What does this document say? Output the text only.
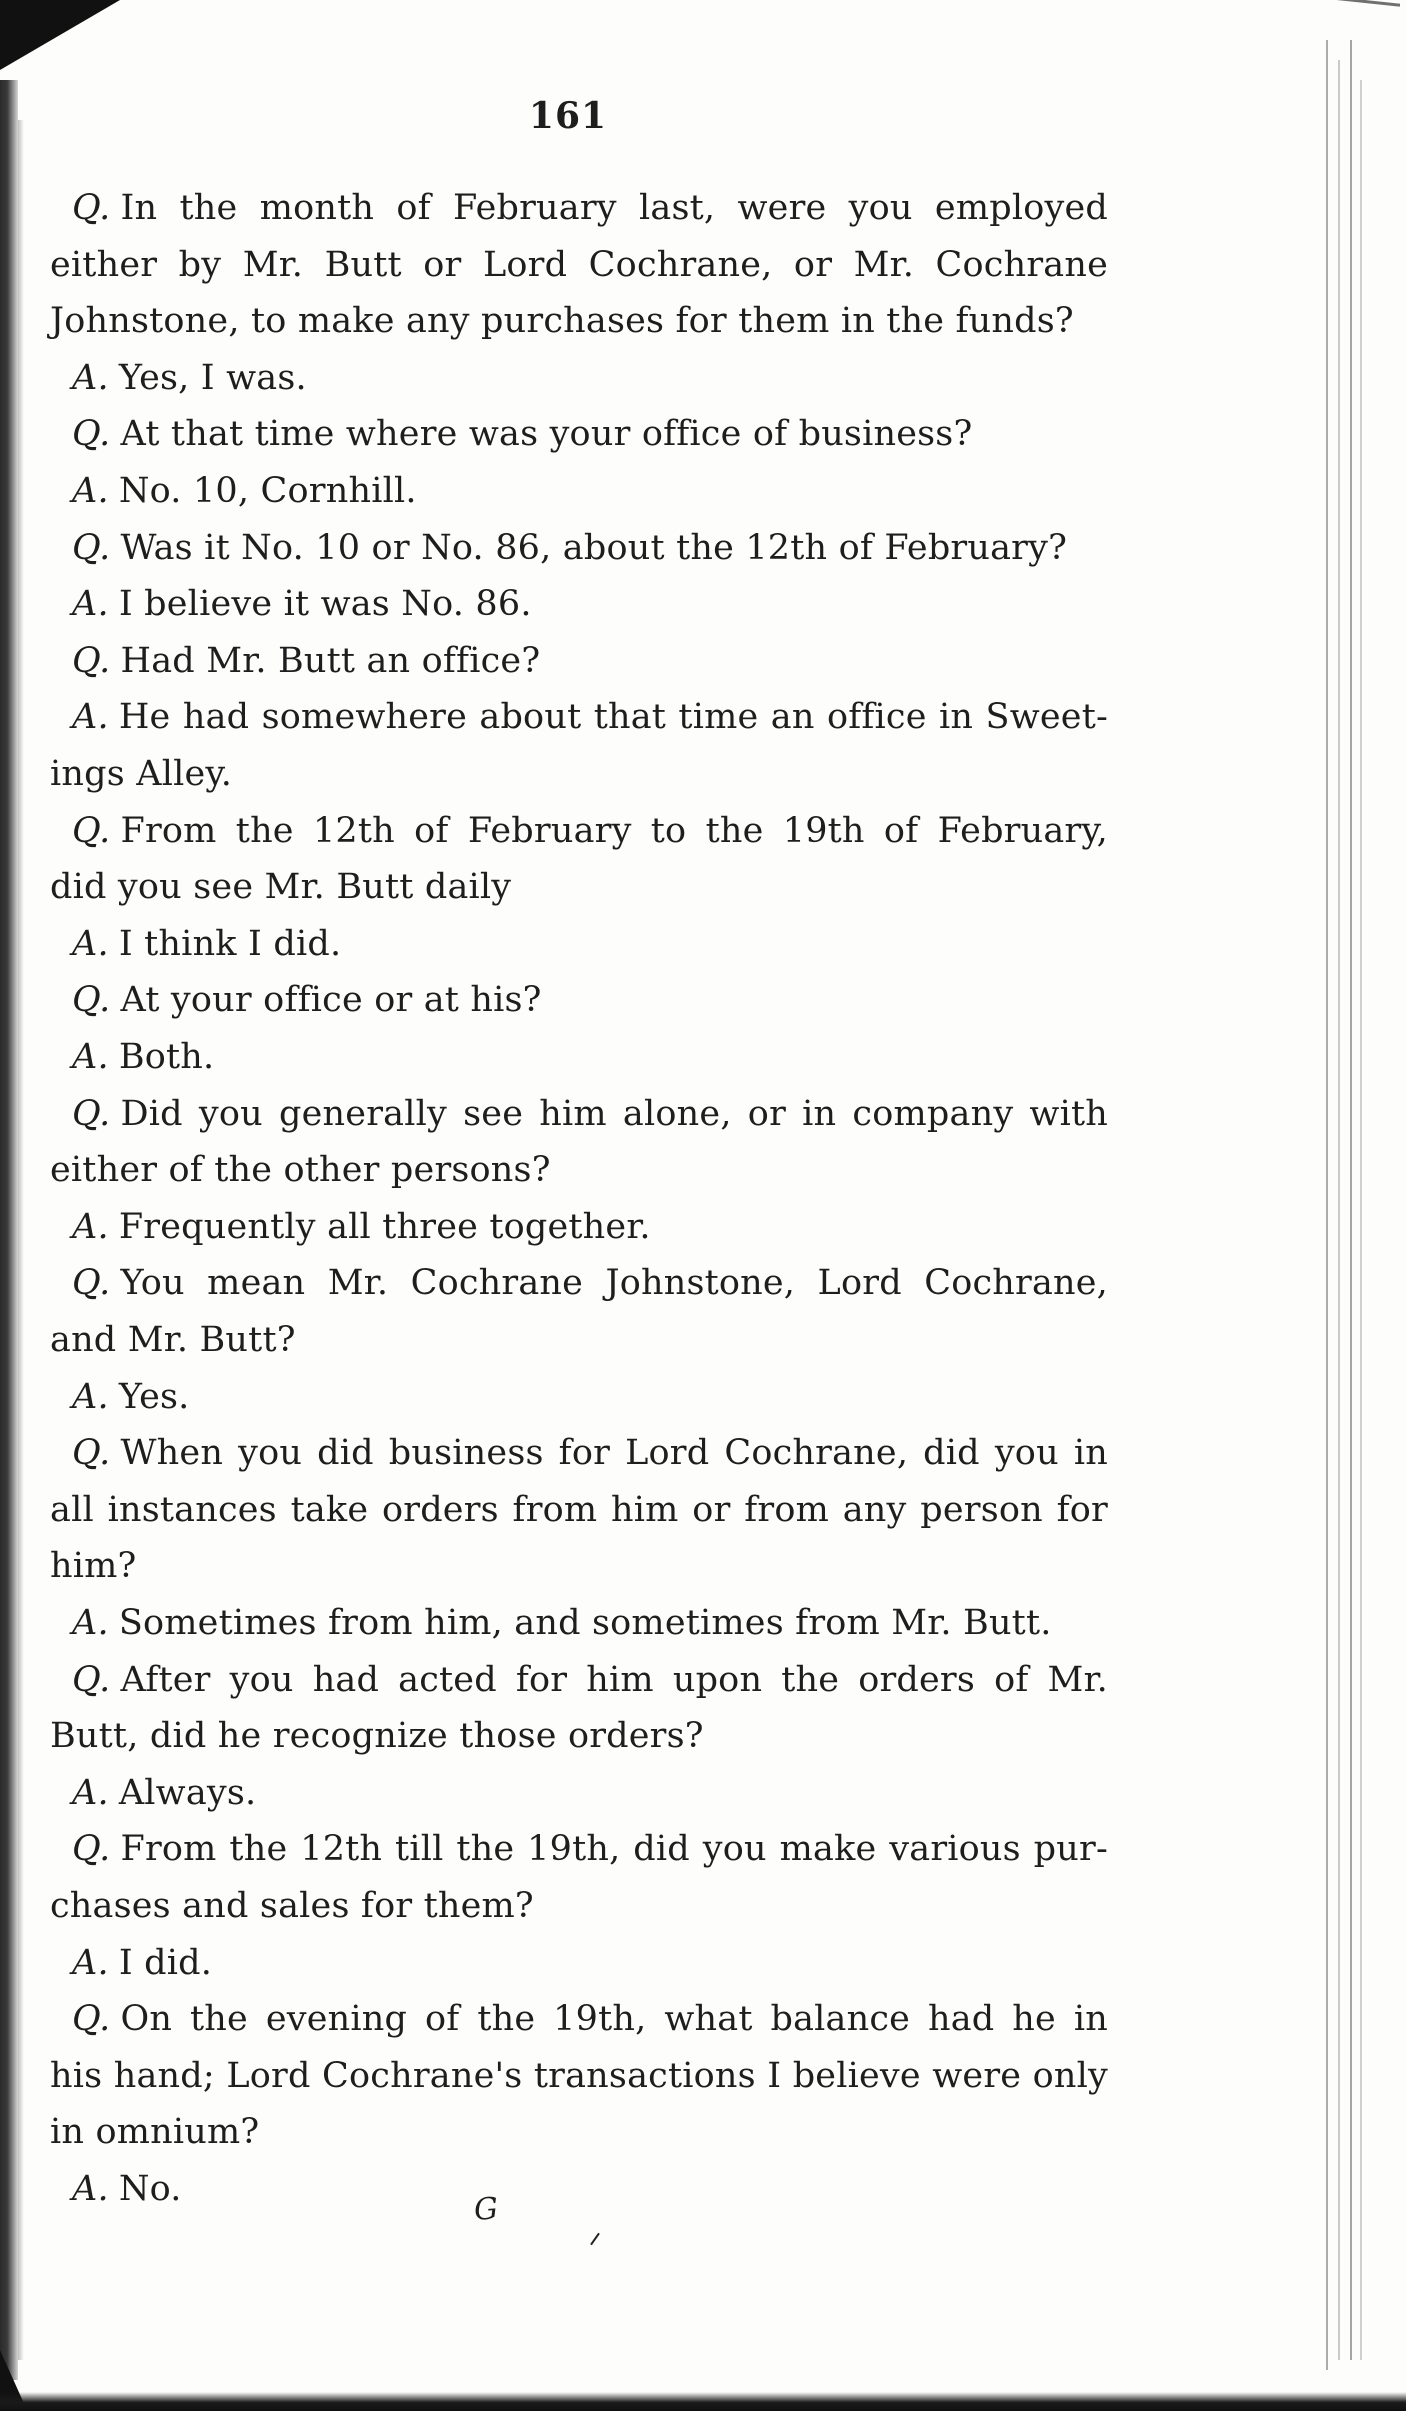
161
Q. In the month of February last, were you employed
either by Mr. Butt or Lord Cochrane, or Mr. Cochrane
Johnstone, to make any purchases for them in the funds?
A. Yes, I was.
Q. At that time where was your office of business?
A. No. 10, Cornhill.
Q. Was it No. 10 or No. 86, about the 12th of February?
A. I believe it was No. 86.
Q. Had Mr. Butt an office?
A. He had somewhere about that time an office in Sweet-
ings Alley.
Q. From the 12th of February to the 19th of February,
did you see Mr. Butt daily
A. I think I did.
Q. At your office or at his?
A. Both.
Q. Did you generally see him alone, or in company with
either of the other persons?
A. Frequently all three together.
Q. You mean Mr. Cochrane Johnstone, Lord Cochrane,
and Mr. Butt?
A. Yes.
Q. When you did business for Lord Cochrane, did you in
all instances take orders from him or from any person for
him?
A. Sometimes from him, and sometimes from Mr. Butt.
Q. After you had acted for him upon the orders of Mr.
Butt, did he recognize those orders?
A. Always.
Q. From the 12th till the 19th, did you make various pur-
chases and sales for them?
A. I did.
Q. On the evening of the 19th, what balance had he in
his hand; Lord Cochrane's transactions I believe were only
in omnium?
A. No.
G
